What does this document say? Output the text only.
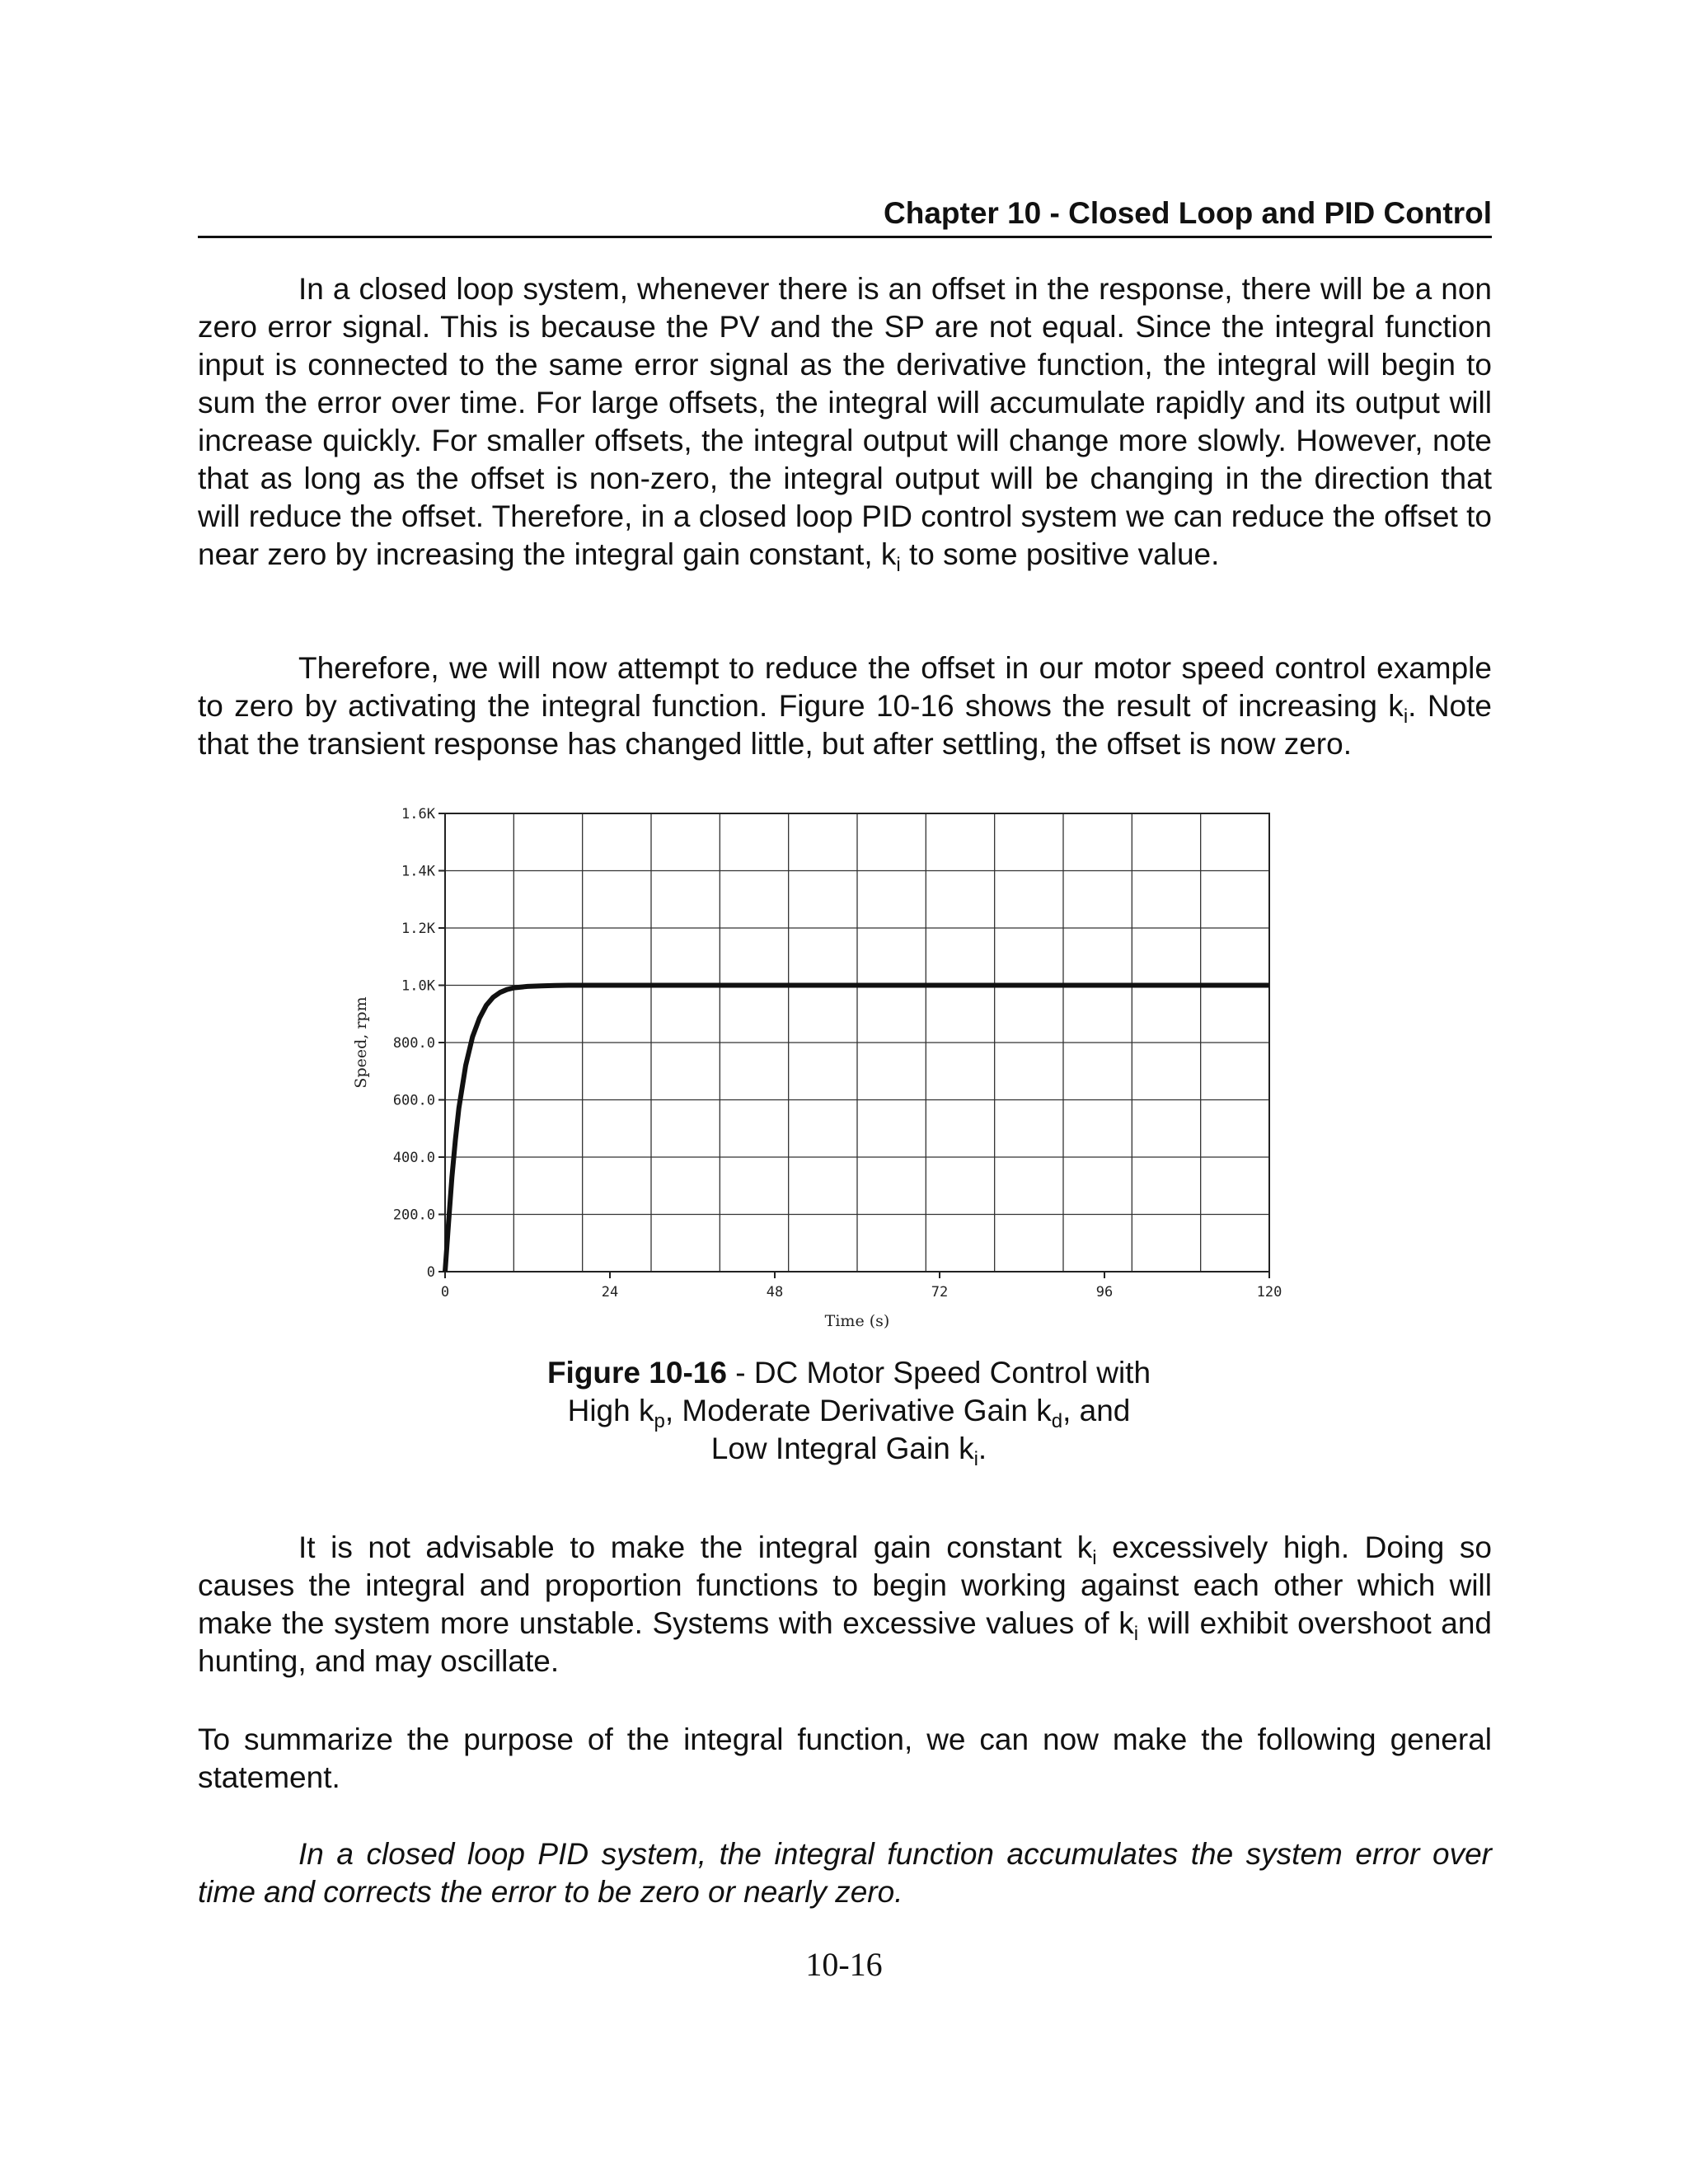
Chapter 10 - Closed Loop and PID Control

In a closed loop system, whenever there is an offset in the response, there will be a non zero error signal. This is because the PV and the SP are not equal. Since the integral function input is connected to the same error signal as the derivative function, the integral will begin to sum the error over time. For large offsets, the integral will accumulate rapidly and its output will increase quickly. For smaller offsets, the integral output will change more slowly. However, note that as long as the offset is non-zero, the integral output will be changing in the direction that will reduce the offset. Therefore, in a closed loop PID control system we can reduce the offset to near zero by increasing the integral gain constant, $k_i$ to some positive value.

Therefore, we will now attempt to reduce the offset in our motor speed control example to zero by activating the integral function. Figure 10-16 shows the result of increasing $k_i$. Note that the transient response has changed little, but after settling, the offset is now zero.

0
200.0
400.0
600.0
800.0
1.0K
1.2K
1.4K
1.6K
0	24	48	72	96	120
Time (s)
Speed, rpm
Figure 10-16 - DC Motor Speed Control with
High $k_p$, Moderate Derivative Gain $k_d$, and
Low Integral Gain $k_i$.

It is not advisable to make the integral gain constant $k_i$ excessively high. Doing so causes the integral and proportion functions to begin working against each other which will make the system more unstable. Systems with excessive values of $k_i$ will exhibit overshoot and hunting, and may oscillate.

To summarize the purpose of the integral function, we can now make the following general statement.

In a closed loop PID system, the integral function accumulates the system error over time and corrects the error to be zero or nearly zero.

10-16
